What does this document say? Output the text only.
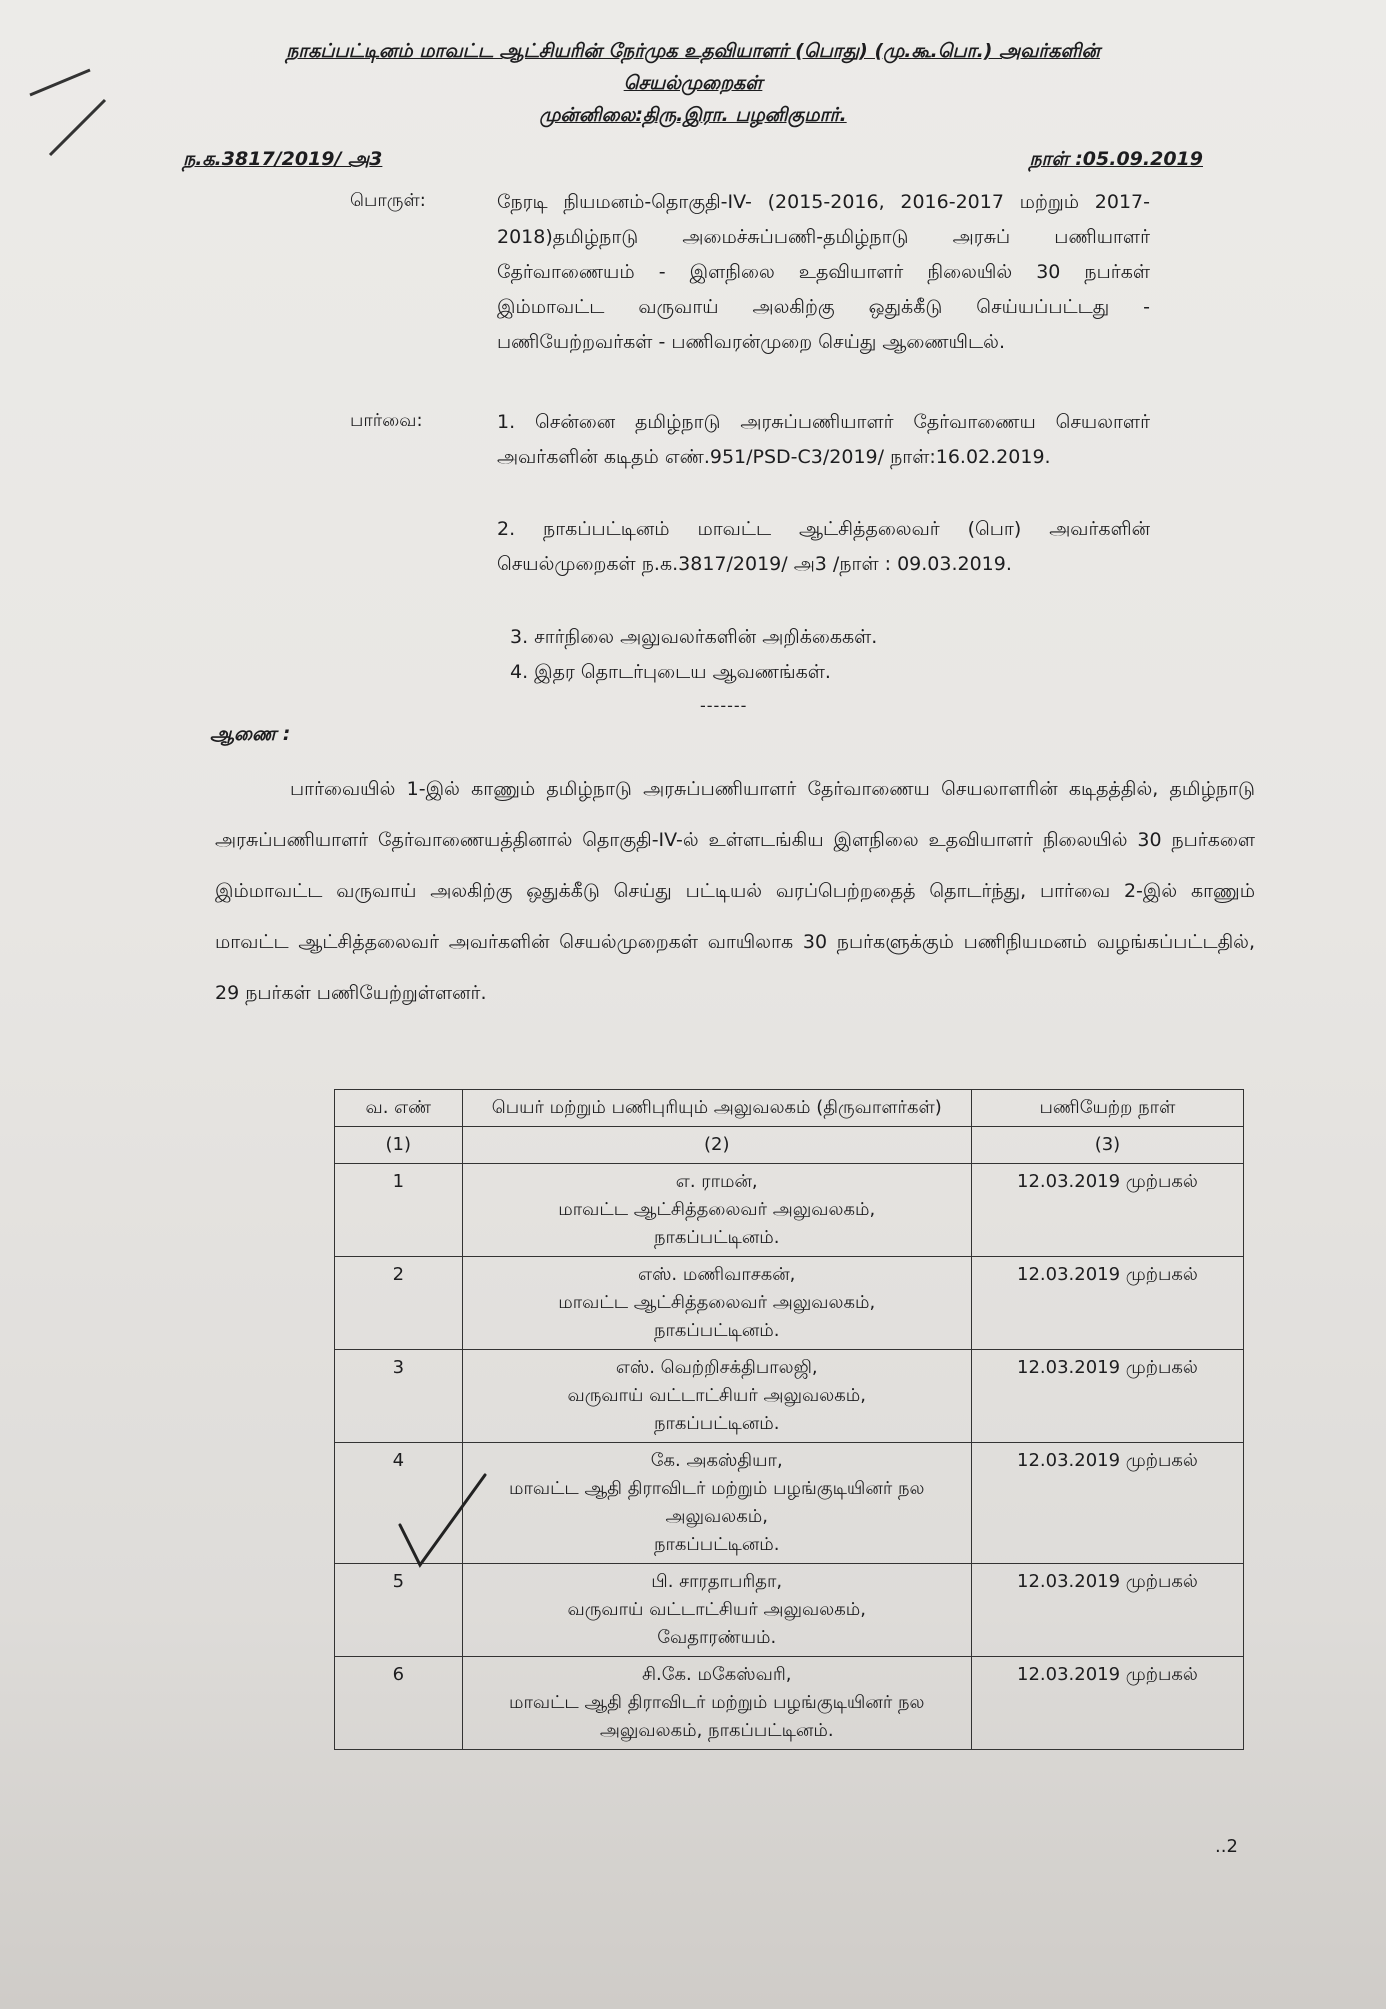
நாகப்பட்டினம் மாவட்ட ஆட்சியரின் நேர்முக உதவியாளர் (பொது) (மு.கூ.பொ.) அவர்களின்
செயல்முறைகள்
முன்னிலை:திரு.இரா. பழனிகுமார்.
ந.க.3817/2019/ அ3	நாள் :05.09.2019
பொருள்:	நேரடி நியமனம்-தொகுதி-IV- (2015-2016, 2016-2017 மற்றும் 2017-2018)தமிழ்நாடு அமைச்சுப்பணி-தமிழ்நாடு அரசுப் பணியாளர் தேர்வாணையம் - இளநிலை உதவியாளர் நிலையில் 30 நபர்கள் இம்மாவட்ட வருவாய் அலகிற்கு ஒதுக்கீடு செய்யப்பட்டது - பணியேற்றவர்கள் - பணிவரன்முறை செய்து ஆணையிடல்.
பார்வை:	1. சென்னை தமிழ்நாடு அரசுப்பணியாளர் தேர்வாணைய செயலாளர் அவர்களின் கடிதம் எண்.951/PSD-C3/2019/ நாள்:16.02.2019.
2. நாகப்பட்டினம் மாவட்ட ஆட்சித்தலைவர் (பொ) அவர்களின் செயல்முறைகள் ந.க.3817/2019/ அ3 /நாள் : 09.03.2019.
3. சார்நிலை அலுவலர்களின் அறிக்கைகள்.
4. இதர தொடர்புடைய ஆவணங்கள்.
-------
ஆணை :
பார்வையில் 1-இல் காணும் தமிழ்நாடு அரசுப்பணியாளர் தேர்வாணைய செயலாளரின் கடிதத்தில், தமிழ்நாடு அரசுப்பணியாளர் தேர்வாணையத்தினால் தொகுதி-IV-ல் உள்ளடங்கிய இளநிலை உதவியாளர் நிலையில் 30 நபர்களை இம்மாவட்ட வருவாய் அலகிற்கு ஒதுக்கீடு செய்து பட்டியல் வரப்பெற்றதைத் தொடர்ந்து, பார்வை 2-இல் காணும் மாவட்ட ஆட்சித்தலைவர் அவர்களின் செயல்முறைகள் வாயிலாக 30 நபர்களுக்கும் பணிநியமனம் வழங்கப்பட்டதில், 29 நபர்கள் பணியேற்றுள்ளனர்.
வ. எண்	பெயர் மற்றும் பணிபுரியும் அலுவலகம் (திருவாளர்கள்)	பணியேற்ற நாள்
(1)	(2)	(3)
1	எ. ராமன்,
மாவட்ட ஆட்சித்தலைவர் அலுவலகம்,
நாகப்பட்டினம்.	12.03.2019 முற்பகல்
2	எஸ். மணிவாசகன்,
மாவட்ட ஆட்சித்தலைவர் அலுவலகம்,
நாகப்பட்டினம்.	12.03.2019 முற்பகல்
3	எஸ். வெற்றிசக்திபாலஜி,
வருவாய் வட்டாட்சியர் அலுவலகம்,
நாகப்பட்டினம்.	12.03.2019 முற்பகல்
4	கே. அகஸ்தியா,
மாவட்ட ஆதி திராவிடர் மற்றும் பழங்குடியினர் நல அலுவலகம்,
நாகப்பட்டினம்.	12.03.2019 முற்பகல்
5	பி. சாரதாபரிதா,
வருவாய் வட்டாட்சியர் அலுவலகம்,
வேதாரண்யம்.	12.03.2019 முற்பகல்
6	சி.கே. மகேஸ்வரி,
மாவட்ட ஆதி திராவிடர் மற்றும் பழங்குடியினர் நல அலுவலகம், நாகப்பட்டினம்.	12.03.2019 முற்பகல்
..2
